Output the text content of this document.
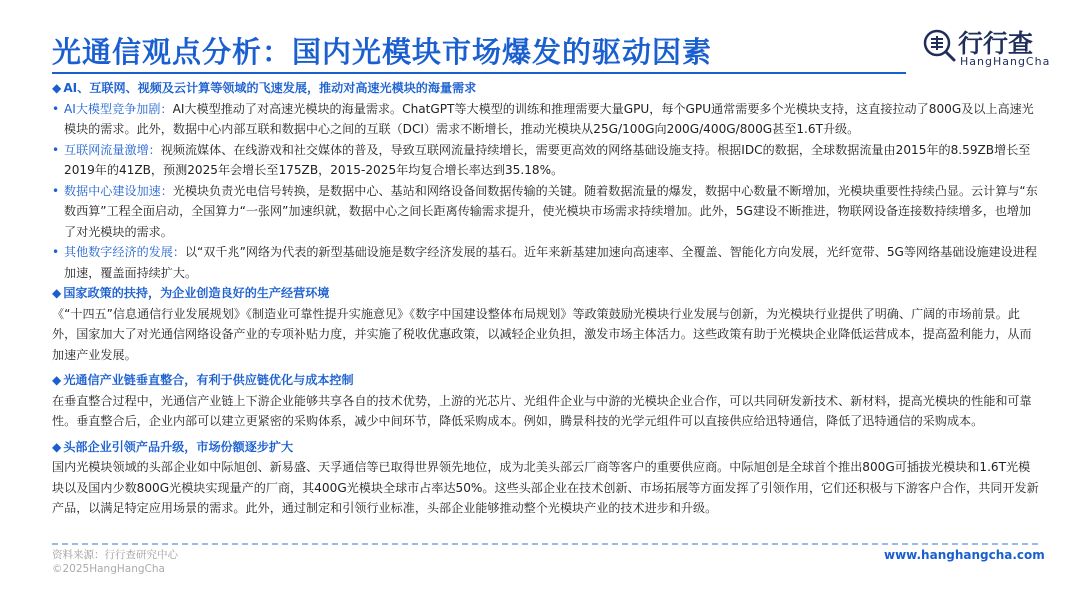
光通信观点分析：国内光模块市场爆发的驱动因素	行行查
HangHangCha
◆ AI、互联网、视频及云计算等领域的飞速发展，推动对高速光模块的海量需求
• AI大模型竞争加剧：AI大模型推动了对高速光模块的海量需求。ChatGPT等大模型的训练和推理需要大量GPU，每个GPU通常需要多个光模块支持，这直接拉动了800G及以上高速光模块的需求。此外，数据中心内部互联和数据中心之间的互联（DCI）需求不断增长，推动光模块从25G/100G向200G/400G/800G甚至1.6T升级。
• 互联网流量激增：视频流媒体、在线游戏和社交媒体的普及，导致互联网流量持续增长，需要更高效的网络基础设施支持。根据IDC的数据，全球数据流量由2015年的8.59ZB增长至2019年的41ZB，预测2025年会增长至175ZB，2015-2025年均复合增长率达到35.18%。
• 数据中心建设加速：光模块负责光电信号转换，是数据中心、基站和网络设备间数据传输的关键。随着数据流量的爆发，数据中心数量不断增加，光模块重要性持续凸显。云计算与“东数西算”工程全面启动，全国算力“一张网”加速织就，数据中心之间长距离传输需求提升，使光模块市场需求持续增加。此外，5G建设不断推进，物联网设备连接数持续增多，也增加了对光模块的需求。
• 其他数字经济的发展：以“双千兆”网络为代表的新型基础设施是数字经济发展的基石。近年来新基建加速向高速率、全覆盖、智能化方向发展，光纤宽带、5G等网络基础设施建设进程加速，覆盖面持续扩大。
◆ 国家政策的扶持，为企业创造良好的生产经营环境
《“十四五”信息通信行业发展规划》《制造业可靠性提升实施意见》《数字中国建设整体布局规划》等政策鼓励光模块行业发展与创新，为光模块行业提供了明确、广阔的市场前景。此外，国家加大了对光通信网络设备产业的专项补贴力度，并实施了税收优惠政策，以减轻企业负担，激发市场主体活力。这些政策有助于光模块企业降低运营成本，提高盈利能力，从而加速产业发展。
◆ 光通信产业链垂直整合，有利于供应链优化与成本控制
在垂直整合过程中，光通信产业链上下游企业能够共享各自的技术优势，上游的光芯片、光组件企业与中游的光模块企业合作，可以共同研发新技术、新材料，提高光模块的性能和可靠性。垂直整合后，企业内部可以建立更紧密的采购体系，减少中间环节，降低采购成本。例如，腾景科技的光学元组件可以直接供应给迅特通信，降低了迅特通信的采购成本。
◆ 头部企业引领产品升级，市场份额逐步扩大
国内光模块领域的头部企业如中际旭创、新易盛、天孚通信等已取得世界领先地位，成为北美头部云厂商等客户的重要供应商。中际旭创是全球首个推出800G可插拔光模块和1.6T光模块以及国内少数800G光模块实现量产的厂商，其400G光模块全球市占率达50%。这些头部企业在技术创新、市场拓展等方面发挥了引领作用，它们还积极与下游客户合作，共同开发新产品，以满足特定应用场景的需求。此外，通过制定和引领行业标准，头部企业能够推动整个光模块产业的技术进步和升级。
资料来源：行行查研究中心
©2025HangHangCha
www.hanghangcha.com
